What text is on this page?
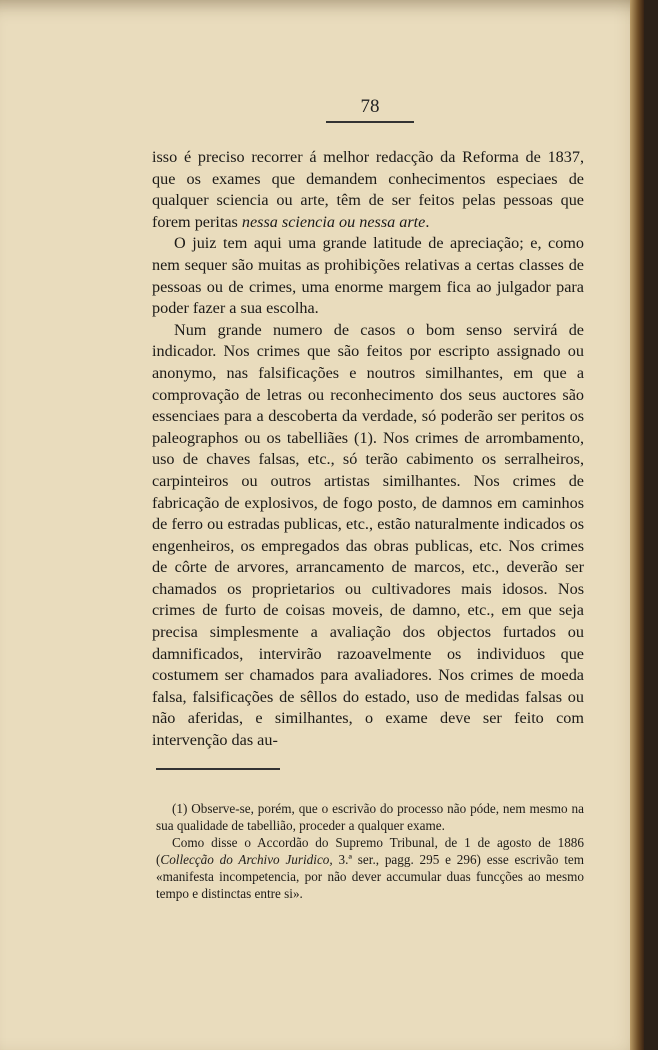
78

isso é preciso recorrer á melhor redacção da Reforma de 1837, que os exames que demandem conhecimentos especiaes de qualquer sciencia ou arte, têm de ser feitos pelas pessoas que forem peritas nessa sciencia ou nessa arte.

O juiz tem aqui uma grande latitude de apreciação; e, como nem sequer são muitas as prohibições relativas a certas classes de pessoas ou de crimes, uma enorme margem fica ao julgador para poder fazer a sua escolha.

Num grande numero de casos o bom senso servirá de indicador. Nos crimes que são feitos por escripto assignado ou anonymo, nas falsificações e noutros similhantes, em que a comprovação de letras ou reconhecimento dos seus auctores são essenciaes para a descoberta da verdade, só poderão ser peritos os paleographos ou os tabelliães (1). Nos crimes de arrombamento, uso de chaves falsas, etc., só terão cabimento os serralheiros, carpinteiros ou outros artistas similhantes. Nos crimes de fabricação de explosivos, de fogo posto, de damnos em caminhos de ferro ou estradas publicas, etc., estão naturalmente indicados os engenheiros, os empregados das obras publicas, etc. Nos crimes de côrte de arvores, arrancamento de marcos, etc., deverão ser chamados os proprietarios ou cultivadores mais idosos. Nos crimes de furto de coisas moveis, de damno, etc., em que seja precisa simplesmente a avaliação dos objectos furtados ou damnificados, intervirão razoavelmente os individuos que costumem ser chamados para avaliadores. Nos crimes de moeda falsa, falsificações de sêllos do estado, uso de medidas falsas ou não aferidas, e similhantes, o exame deve ser feito com intervenção das au-

(1) Observe-se, porém, que o escrivão do processo não póde, nem mesmo na sua qualidade de tabellião, proceder a qualquer exame.

Como disse o Accordão do Supremo Tribunal, de 1 de agosto de 1886 (Collecção do Archivo Juridico, 3.ª ser., pagg. 295 e 296) esse escrivão tem «manifesta incompetencia, por não dever accumular duas funcções ao mesmo tempo e distinctas entre si».
